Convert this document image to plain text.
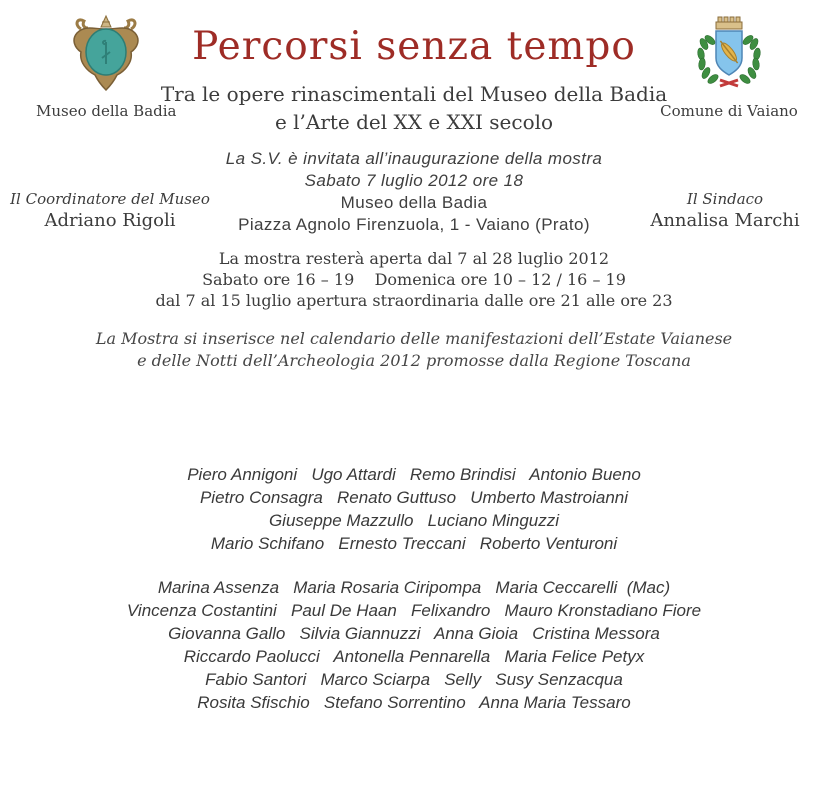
Museo della Badia	Comune di Vaiano
Percorsi senza tempo
Tra le opere rinascimentali del Museo della Badia
e l’Arte del XX e XXI secolo
La S.V. è invitata all’inaugurazione della mostra
Sabato 7 luglio 2012 ore 18
Museo della Badia
Piazza Agnolo Firenzuola, 1 - Vaiano (Prato)
Il Coordinatore del Museo
Adriano Rigoli
Il Sindaco
Annalisa Marchi
La mostra resterà aperta dal 7 al 28 luglio 2012
Sabato ore 16 – 19    Domenica ore 10 – 12 / 16 – 19
dal 7 al 15 luglio apertura straordinaria dalle ore 21 alle ore 23
La Mostra si inserisce nel calendario delle manifestazioni dell’Estate Vaianese
e delle Notti dell’Archeologia 2012 promosse dalla Regione Toscana
Piero Annigoni   Ugo Attardi   Remo Brindisi   Antonio Bueno
Pietro Consagra   Renato Guttuso   Umberto Mastroianni
Giuseppe Mazzullo   Luciano Minguzzi
Mario Schifano   Ernesto Treccani   Roberto Venturoni
Marina Assenza   Maria Rosaria Ciripompa   Maria Ceccarelli  (Mac)
Vincenza Costantini   Paul De Haan   Felixandro   Mauro Kronstadiano Fiore
Giovanna Gallo   Silvia Giannuzzi   Anna Gioia   Cristina Messora
Riccardo Paolucci   Antonella Pennarella   Maria Felice Petyx
Fabio Santori   Marco Sciarpa   Selly   Susy Senzacqua
Rosita Sfischio   Stefano Sorrentino   Anna Maria Tessaro
